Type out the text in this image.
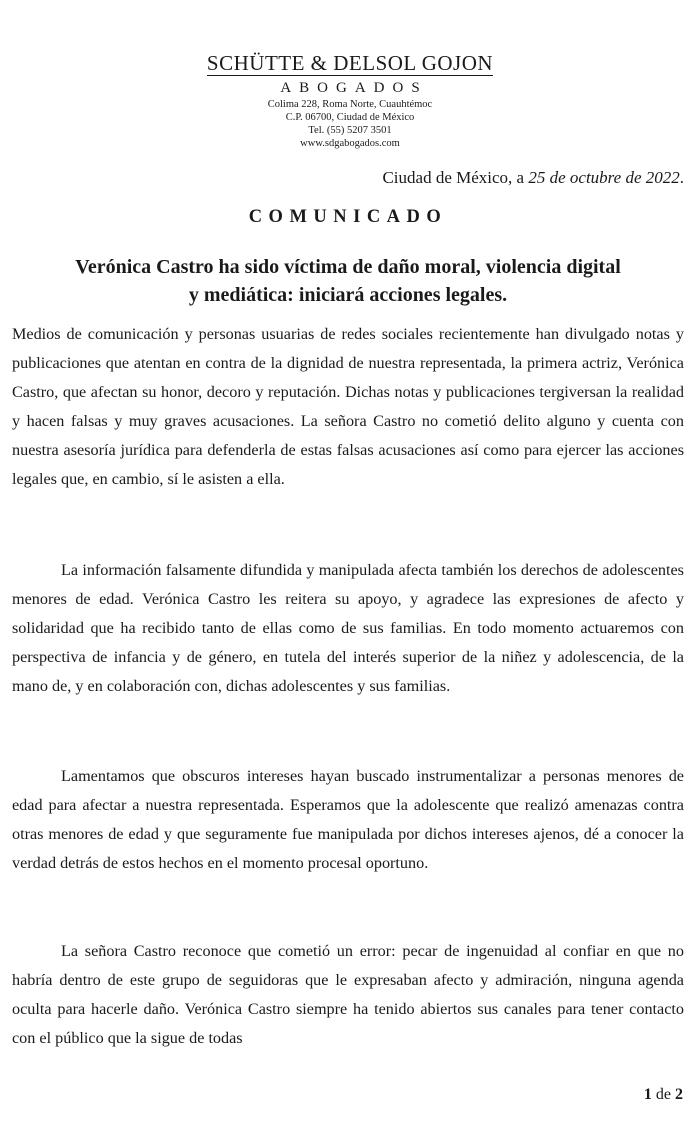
SCHÜTTE & DELSOL GOJON
ABOGADOS
Colima 228, Roma Norte, Cuauhtémoc
C.P. 06700, Ciudad de México
Tel. (55) 5207 3501
www.sdgabogados.com
Ciudad de México, a 25 de octubre de 2022.
COMUNICADO
Verónica Castro ha sido víctima de daño moral, violencia digital
y mediática: iniciará acciones legales.

Medios de comunicación y personas usuarias de redes sociales recientemente han divulgado notas y publicaciones que atentan en contra de la dignidad de nuestra representada, la primera actriz, Verónica Castro, que afectan su honor, decoro y reputación. Dichas notas y publicaciones tergiversan la realidad y hacen falsas y muy graves acusaciones. La señora Castro no cometió delito alguno y cuenta con nuestra asesoría jurídica para defenderla de estas falsas acusaciones así como para ejercer las acciones legales que, en cambio, sí le asisten a ella.

La información falsamente difundida y manipulada afecta también los derechos de adolescentes menores de edad. Verónica Castro les reitera su apoyo, y agradece las expresiones de afecto y solidaridad que ha recibido tanto de ellas como de sus familias. En todo momento actuaremos con perspectiva de infancia y de género, en tutela del interés superior de la niñez y adolescencia, de la mano de, y en colaboración con, dichas adolescentes y sus familias.

Lamentamos que obscuros intereses hayan buscado instrumentalizar a personas menores de edad para afectar a nuestra representada. Esperamos que la adolescente que realizó amenazas contra otras menores de edad y que seguramente fue manipulada por dichos intereses ajenos, dé a conocer la verdad detrás de estos hechos en el momento procesal oportuno.

La señora Castro reconoce que cometió un error: pecar de ingenuidad al confiar en que no habría dentro de este grupo de seguidoras que le expresaban afecto y admiración, ninguna agenda oculta para hacerle daño. Verónica Castro siempre ha tenido abiertos sus canales para tener contacto con el público que la sigue de todas

1 de 2
